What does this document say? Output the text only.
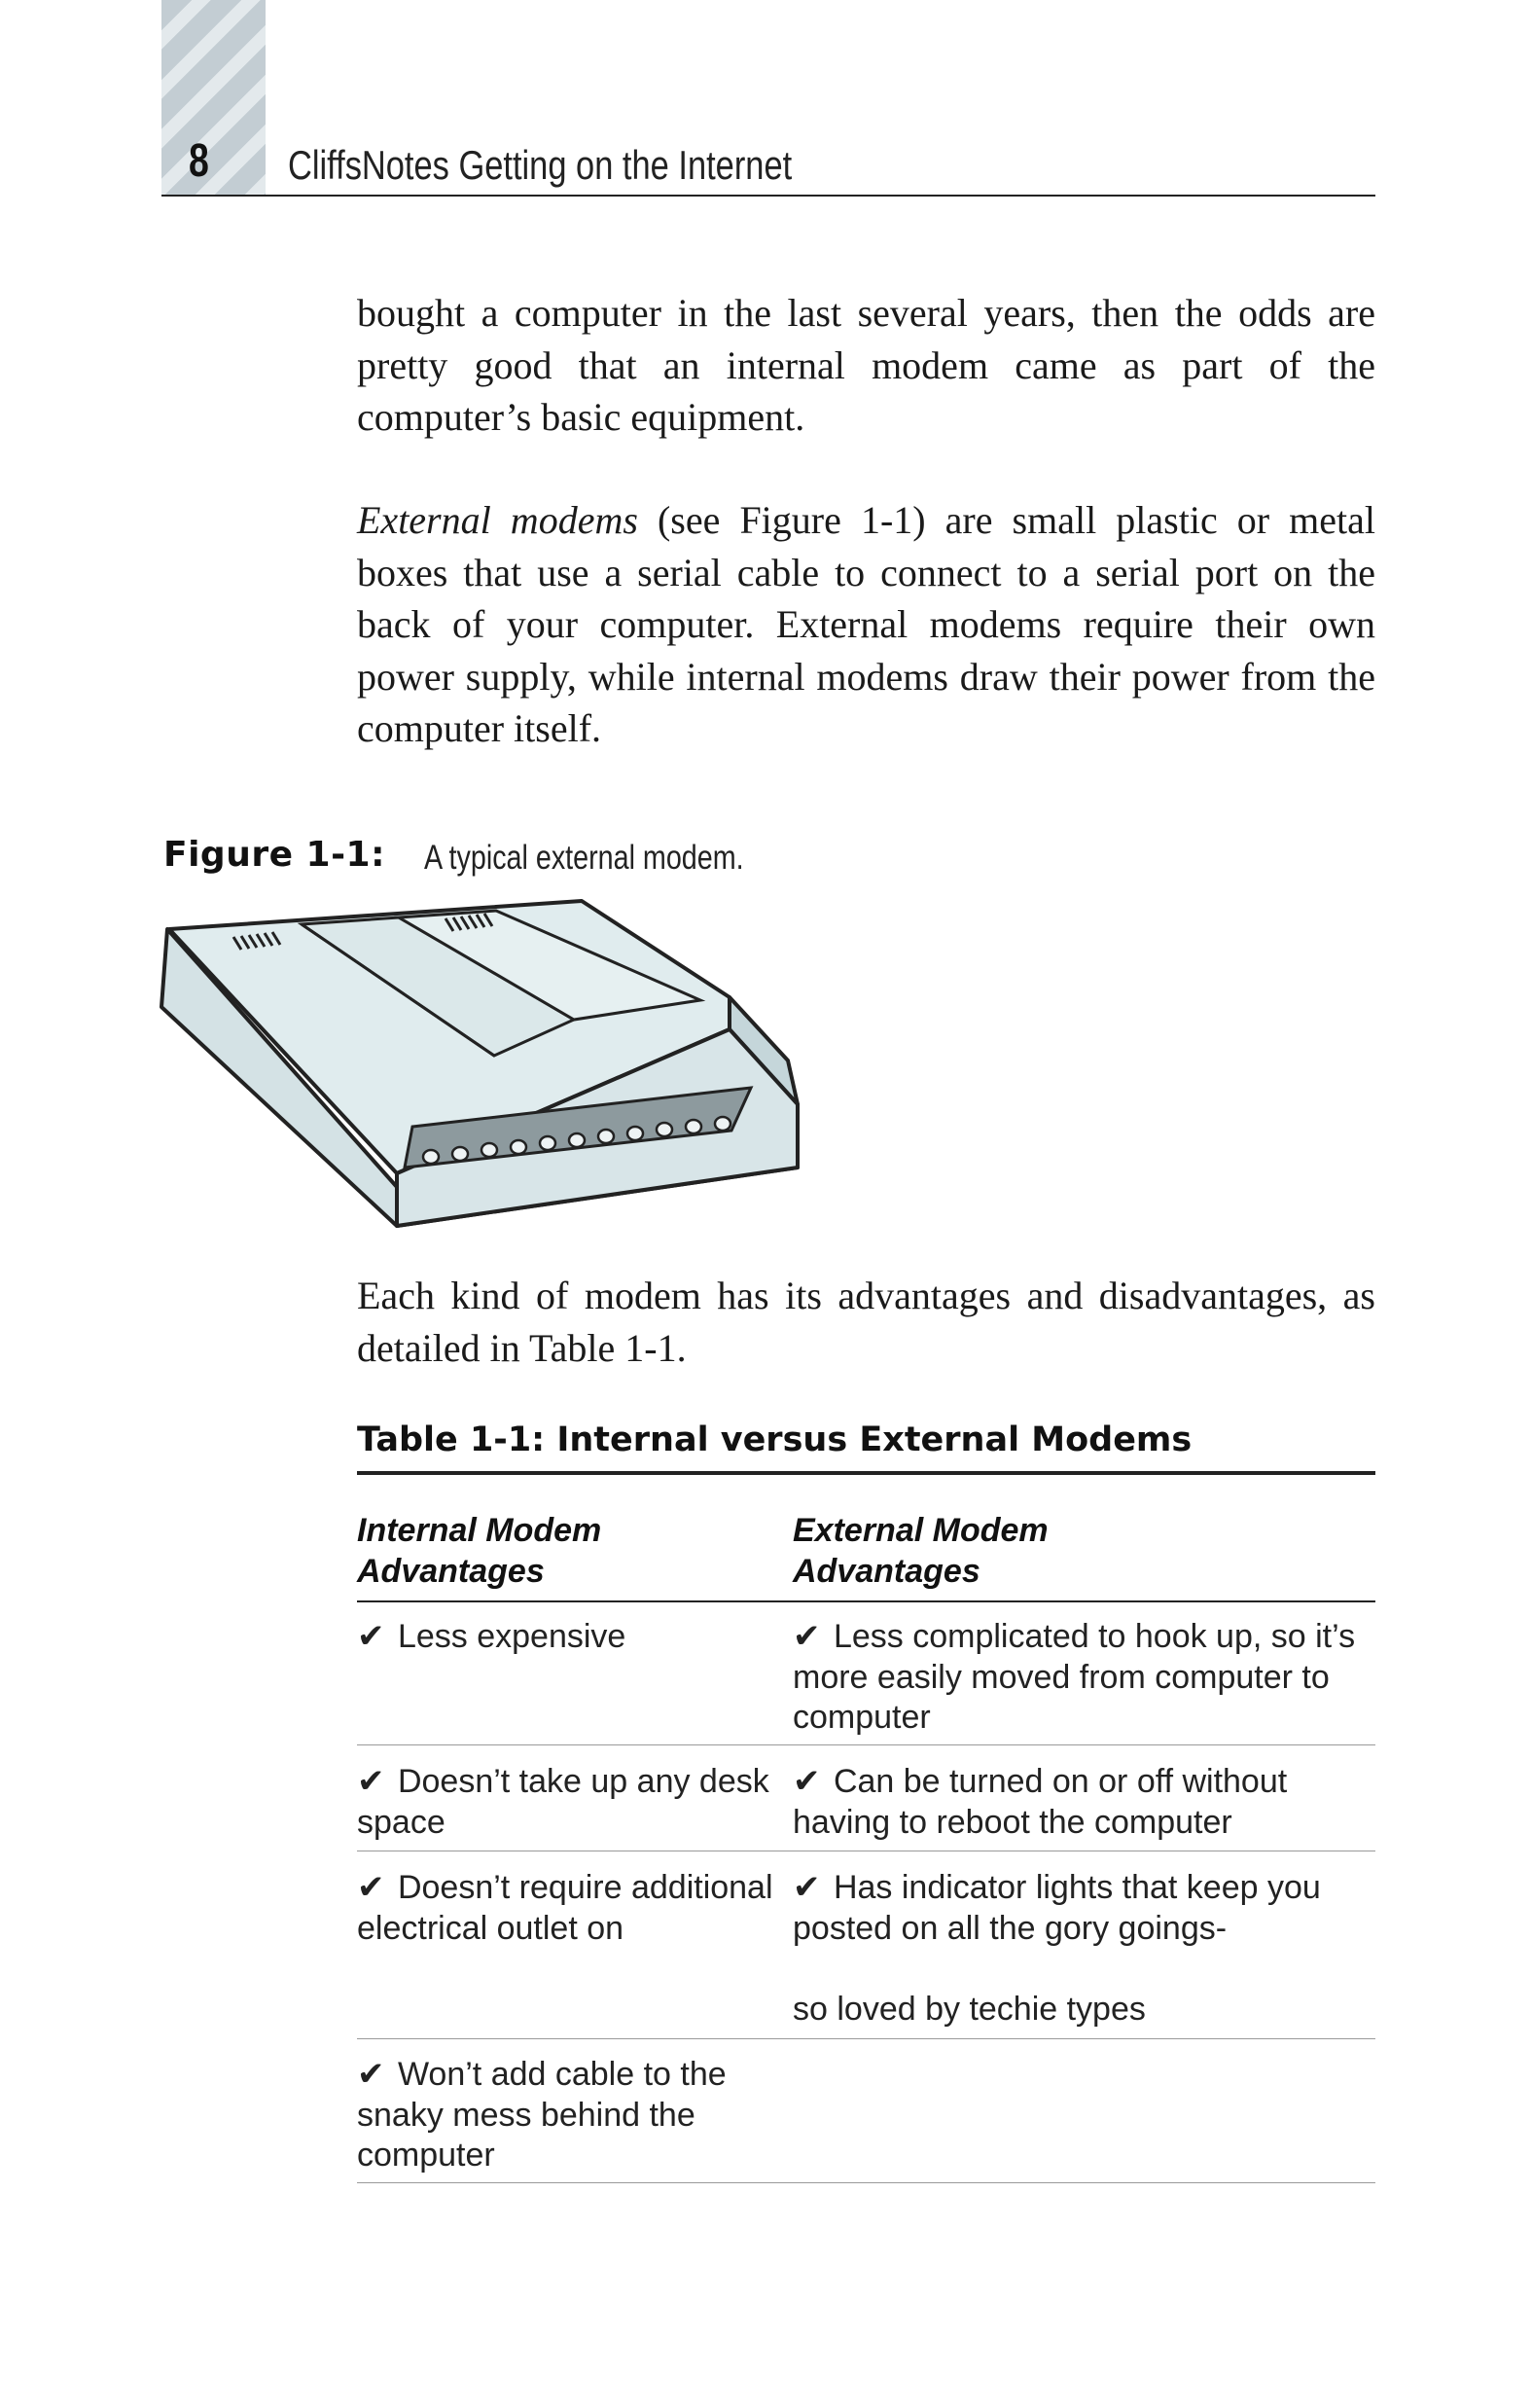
8	CliffsNotes Getting on the Internet
bought a computer in the last several years, then the odds are pretty good that an internal modem came as part of the computer’s basic equipment.
External modems (see Figure 1-1) are small plastic or metal boxes that use a serial cable to connect to a serial port on the back of your computer. External modems require their own power supply, while internal modems draw their power from the computer itself.
Figure 1-1: A typical external modem.
Each kind of modem has its advantages and disadvantages, as detailed in Table 1-1.
Table 1-1: Internal versus External Modems
Internal Modem
Advantages
External Modem
Advantages
✔ Less expensive	✔ Less complicated to hook up, so it’s more easily moved from computer to computer
✔ Doesn’t take up any desk space
✔ Can be turned on or off without having to reboot the computer
✔ Doesn’t require additional electrical outlet on
✔ Has indicator lights that keep you posted on all the gory goings-
so loved by techie types
✔ Won’t add cable to the snaky mess behind the computer
